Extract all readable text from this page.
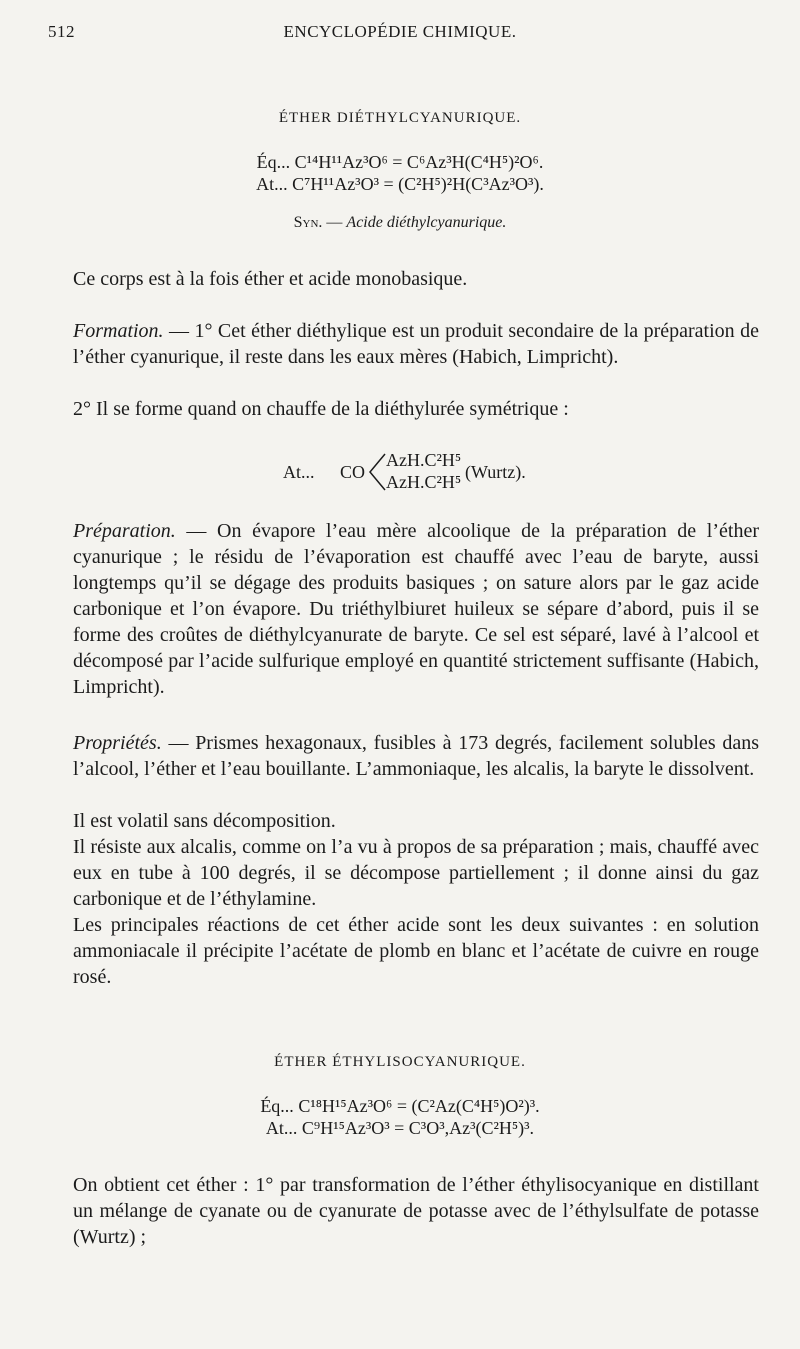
512	ENCYCLOPÉDIE CHIMIQUE.
ÉTHER DIÉTHYLCYANURIQUE.
Éq... C¹⁴H¹¹Az³O⁶ = C⁶Az³H(C⁴H⁵)²O⁶.
At... C⁷H¹¹Az³O³ = (C²H⁵)²H(C³Az³O³).
Syn. — Acide diéthylcyanurique.
Ce corps est à la fois éther et acide monobasique.
Formation. — 1° Cet éther diéthylique est un produit secondaire de la préparation de l’éther cyanurique, il reste dans les eaux mères (Habich, Limpricht).
2° Il se forme quand on chauffe de la diéthylurée symétrique :
At... CO
AzH.C²H⁵
AzH.C²H⁵ (Wurtz).
Préparation. — On évapore l’eau mère alcoolique de la préparation de l’éther cyanurique ; le résidu de l’évaporation est chauffé avec l’eau de baryte, aussi longtemps qu’il se dégage des produits basiques ; on sature alors par le gaz acide carbonique et l’on évapore. Du triéthylbiuret huileux se sépare d’abord, puis il se forme des croûtes de diéthylcyanurate de baryte. Ce sel est séparé, lavé à l’alcool et décomposé par l’acide sulfurique employé en quantité strictement suffisante (Habich, Limpricht).
Propriétés. — Prismes hexagonaux, fusibles à 173 degrés, facilement solubles dans l’alcool, l’éther et l’eau bouillante. L’ammoniaque, les alcalis, la baryte le dissolvent.
Il est volatil sans décomposition.
Il résiste aux alcalis, comme on l’a vu à propos de sa préparation ; mais, chauffé avec eux en tube à 100 degrés, il se décompose partiellement ; il donne ainsi du gaz carbonique et de l’éthylamine.
Les principales réactions de cet éther acide sont les deux suivantes : en solution ammoniacale il précipite l’acétate de plomb en blanc et l’acétate de cuivre en rouge rosé.
ÉTHER ÉTHYLISOCYANURIQUE.
Éq... C¹⁸H¹⁵Az³O⁶ = (C²Az(C⁴H⁵)O²)³.
At... C⁹H¹⁵Az³O³ = C³O³,Az³(C²H⁵)³.
On obtient cet éther : 1° par transformation de l’éther éthylisocyanique en distillant un mélange de cyanate ou de cyanurate de potasse avec de l’éthylsulfate de potasse (Wurtz) ;
